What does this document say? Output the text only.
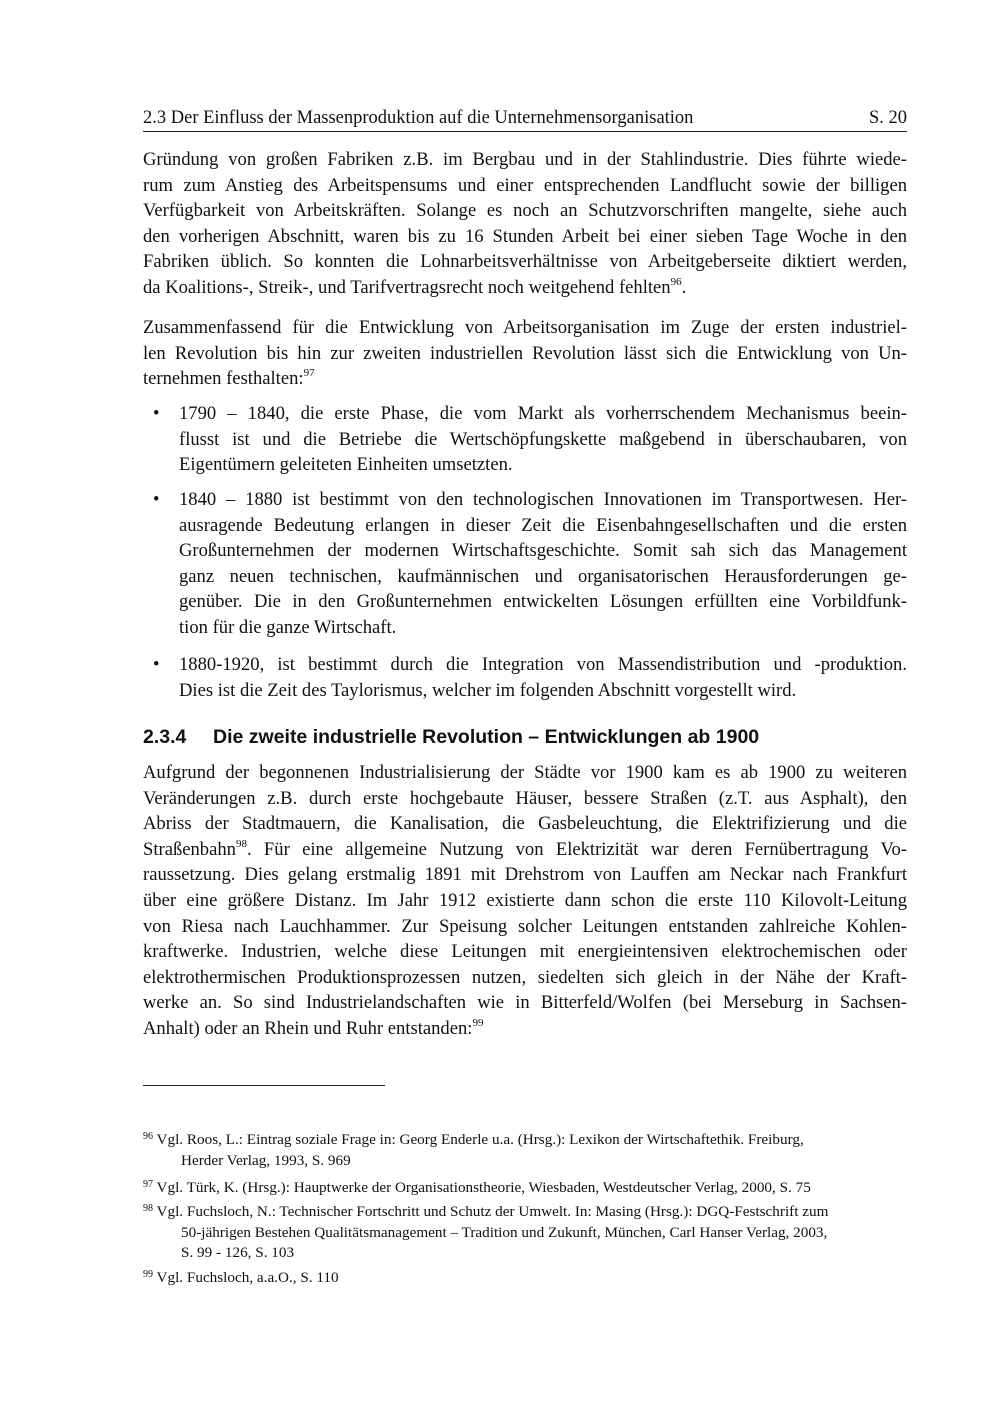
2.3 Der Einfluss der Massenproduktion auf die Unternehmensorganisation	S. 20
Gründung von großen Fabriken z.B. im Bergbau und in der Stahlindustrie. Dies führte wiede-
rum zum Anstieg des Arbeitspensums und einer entsprechenden Landflucht sowie der billigen
Verfügbarkeit von Arbeitskräften. Solange es noch an Schutzvorschriften mangelte, siehe auch
den vorherigen Abschnitt, waren bis zu 16 Stunden Arbeit bei einer sieben Tage Woche in den
Fabriken üblich. So konnten die Lohnarbeitsverhältnisse von Arbeitgeberseite diktiert werden,
da Koalitions-, Streik-, und Tarifvertragsrecht noch weitgehend fehlten$^{96}$.
Zusammenfassend für die Entwicklung von Arbeitsorganisation im Zuge der ersten industriel-
len Revolution bis hin zur zweiten industriellen Revolution lässt sich die Entwicklung von Un-
ternehmen festhalten:$^{97}$
• 1790 – 1840, die erste Phase, die vom Markt als vorherrschendem Mechanismus beein-
flusst ist und die Betriebe die Wertschöpfungskette maßgebend in überschaubaren, von
Eigentümern geleiteten Einheiten umsetzten.
• 1840 – 1880 ist bestimmt von den technologischen Innovationen im Transportwesen. Her-
ausragende Bedeutung erlangen in dieser Zeit die Eisenbahngesellschaften und die ersten
Großunternehmen der modernen Wirtschaftsgeschichte. Somit sah sich das Management
ganz neuen technischen, kaufmännischen und organisatorischen Herausforderungen ge-
genüber. Die in den Großunternehmen entwickelten Lösungen erfüllten eine Vorbildfunk-
tion für die ganze Wirtschaft.
• 1880-1920, ist bestimmt durch die Integration von Massendistribution und -produktion.
Dies ist die Zeit des Taylorismus, welcher im folgenden Abschnitt vorgestellt wird.
2.3.4 Die zweite industrielle Revolution – Entwicklungen ab 1900
Aufgrund der begonnenen Industrialisierung der Städte vor 1900 kam es ab 1900 zu weiteren
Veränderungen z.B. durch erste hochgebaute Häuser, bessere Straßen (z.T. aus Asphalt), den
Abriss der Stadtmauern, die Kanalisation, die Gasbeleuchtung, die Elektrifizierung und die
Straßenbahn$^{98}$. Für eine allgemeine Nutzung von Elektrizität war deren Fernübertragung Vo-
raussetzung. Dies gelang erstmalig 1891 mit Drehstrom von Lauffen am Neckar nach Frankfurt
über eine größere Distanz. Im Jahr 1912 existierte dann schon die erste 110 Kilovolt-Leitung
von Riesa nach Lauchhammer. Zur Speisung solcher Leitungen entstanden zahlreiche Kohlen-
kraftwerke. Industrien, welche diese Leitungen mit energieintensiven elektrochemischen oder
elektrothermischen Produktionsprozessen nutzen, siedelten sich gleich in der Nähe der Kraft-
werke an. So sind Industrielandschaften wie in Bitterfeld/Wolfen (bei Merseburg in Sachsen-
Anhalt) oder an Rhein und Ruhr entstanden:$^{99}$
$^{96}$ Vgl. Roos, L.: Eintrag soziale Frage in: Georg Enderle u.a. (Hrsg.): Lexikon der Wirtschaftethik. Freiburg,
Herder Verlag, 1993, S. 969
$^{97}$ Vgl. Türk, K. (Hrsg.): Hauptwerke der Organisationstheorie, Wiesbaden, Westdeutscher Verlag, 2000, S. 75
$^{98}$ Vgl. Fuchsloch, N.: Technischer Fortschritt und Schutz der Umwelt. In: Masing (Hrsg.): DGQ-Festschrift zum
50-jährigen Bestehen Qualitätsmanagement – Tradition und Zukunft, München, Carl Hanser Verlag, 2003,
S. 99 - 126, S. 103
$^{99}$ Vgl. Fuchsloch, a.a.O., S. 110
